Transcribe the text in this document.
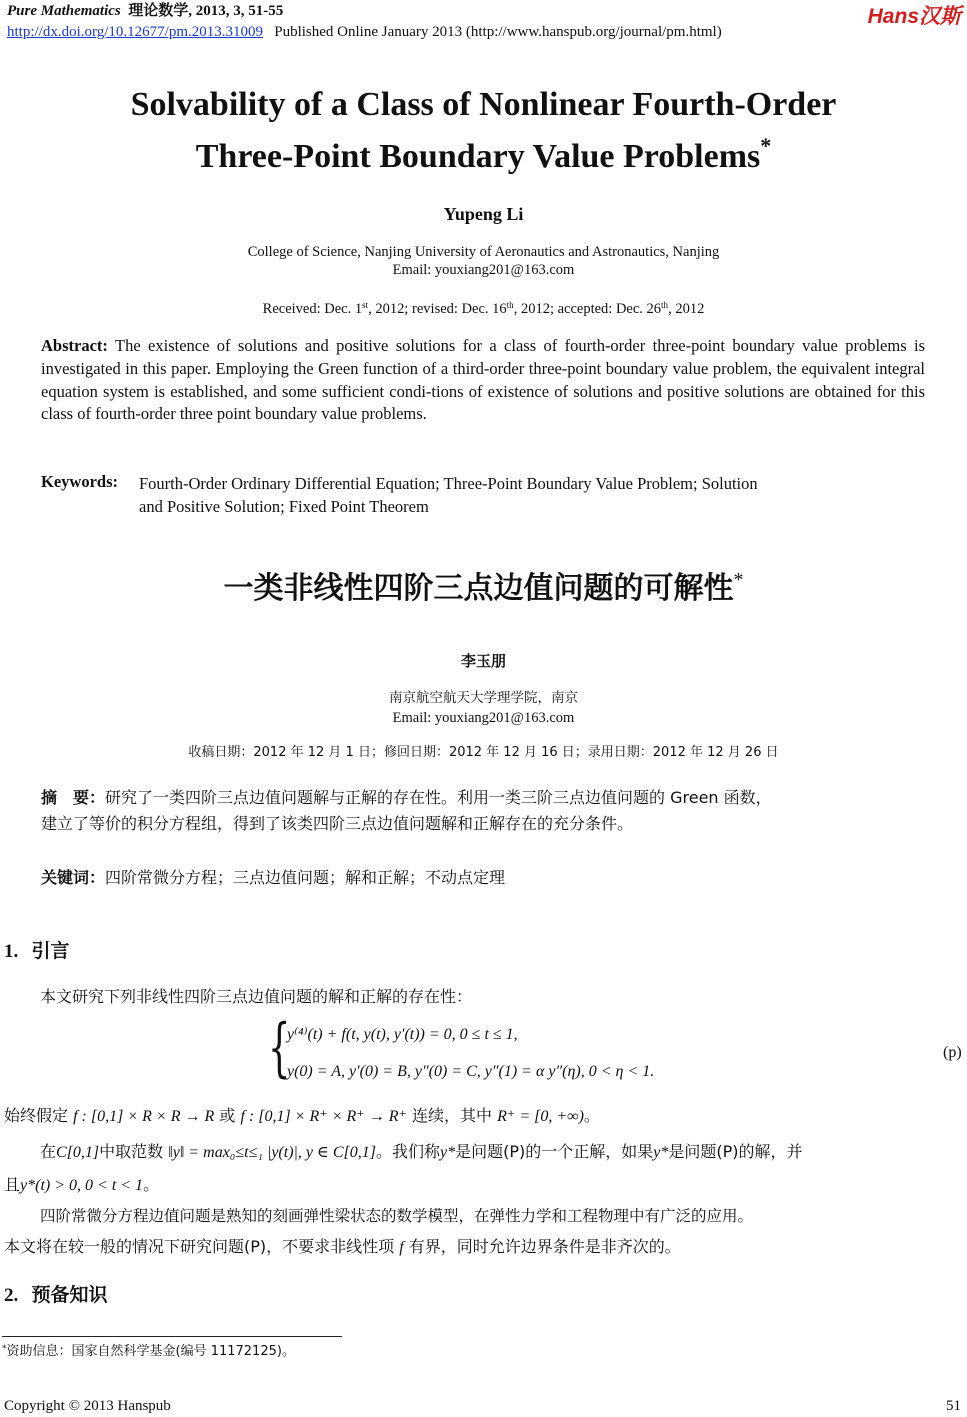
Pure Mathematics 理论数学, 2013, 3, 51-55
http://dx.doi.org/10.12677/pm.2013.31009 Published Online January 2013 (http://www.hanspub.org/journal/pm.html)
Hans汉斯
Solvability of a Class of Nonlinear Fourth-Order
Three-Point Boundary Value Problems*
Yupeng Li
College of Science, Nanjing University of Aeronautics and Astronautics, Nanjing
Email: youxiang201@163.com
Received: Dec. 1st, 2012; revised: Dec. 16th, 2012; accepted: Dec. 26th, 2012
Abstract: The existence of solutions and positive solutions for a class of fourth-order three-point boundary value problems is investigated in this paper. Employing the Green function of a third-order three-point boundary value problem, the equivalent integral equation system is established, and some sufficient condi-tions of existence of solutions and positive solutions are obtained for this class of fourth-order three point boundary value problems.
Keywords: Fourth-Order Ordinary Differential Equation; Three-Point Boundary Value Problem; Solution
and Positive Solution; Fixed Point Theorem
一类非线性四阶三点边值问题的可解性*
李玉朋
南京航空航天大学理学院，南京
Email: youxiang201@163.com
收稿日期：2012 年 12 月 1 日；修回日期：2012 年 12 月 16 日；录用日期：2012 年 12 月 26 日
摘　要：研究了一类四阶三点边值问题解与正解的存在性。利用一类三阶三点边值问题的 Green 函数，
建立了等价的积分方程组，得到了该类四阶三点边值问题解和正解存在的充分条件。
关键词：四阶常微分方程；三点边值问题；解和正解；不动点定理
1. 引言
本文研究下列非线性四阶三点边值问题的解和正解的存在性：
{
y⁽⁴⁾(t) + f(t, y(t), y′(t)) = 0, 0 ≤ t ≤ 1,
y(0) = A, y′(0) = B, y″(0) = C, y″(1) = α y″(η), 0 < η < 1.
(p)
始终假定 f : [0,1] × R × R → R 或 f : [0,1] × R⁺ × R⁺ → R⁺ 连续，其中 R⁺ = [0, +∞)。
在C[0,1]中取范数 ‖y‖ = max₀≤t≤₁ |y(t)|, y ∈ C[0,1]。我们称y*是问题(P)的一个正解，如果y*是问题(P)的解，并
且y*(t) > 0, 0 < t < 1。
四阶常微分方程边值问题是熟知的刻画弹性梁状态的数学模型，在弹性力学和工程物理中有广泛的应用。
本文将在较一般的情况下研究问题(P)，不要求非线性项 f 有界，同时允许边界条件是非齐次的。
2. 预备知识
*资助信息：国家自然科学基金(编号 11172125)。
Copyright © 2013 Hanspub	51
